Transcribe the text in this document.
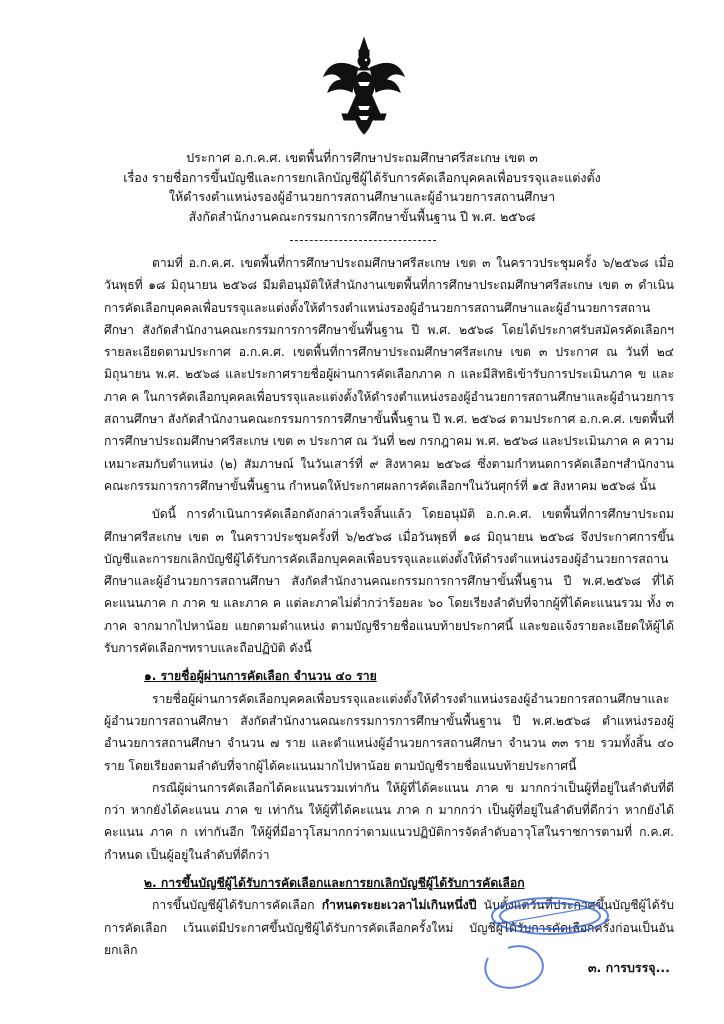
ประกาศ อ.ก.ค.ศ. เขตพื้นที่การศึกษาประถมศึกษาศรีสะเกษ เขต ๓
เรื่อง รายชื่อการขึ้นบัญชีและการยกเลิกบัญชีผู้ได้รับการคัดเลือกบุคคลเพื่อบรรจุและแต่งตั้ง
ให้ดำรงตำแหน่งรองผู้อำนวยการสถานศึกษาและผู้อำนวยการสถานศึกษา
สังกัดสำนักงานคณะกรรมการการศึกษาขั้นพื้นฐาน ปี พ.ศ. ๒๕๖๘

ตามที่ อ.ก.ค.ศ. เขตพื้นที่การศึกษาประถมศึกษาศรีสะเกษ เขต ๓ ในคราวประชุมครั้ง ๖/๒๕๖๘ เมื่อวันพุธที่ ๑๘ มิถุนายน ๒๕๖๘ มีมติอนุมัติให้สำนักงานเขตพื้นที่การศึกษาประถมศึกษาศรีสะเกษ เขต ๓ ดำเนินการคัดเลือกบุคคลเพื่อบรรจุและแต่งตั้งให้ดำรงตำแหน่งรองผู้อำนวยการสถานศึกษาและผู้อำนวยการสถานศึกษา สังกัดสำนักงานคณะกรรมการการศึกษาขั้นพื้นฐาน ปี พ.ศ. ๒๕๖๘ โดยได้ประกาศรับสมัครคัดเลือกฯ รายละเอียดตามประกาศ อ.ก.ค.ศ. เขตพื้นที่การศึกษาประถมศึกษาศรีสะเกษ เขต ๓ ประกาศ ณ วันที่ ๒๔ มิถุนายน พ.ศ. ๒๕๖๘ และประกาศรายชื่อผู้ผ่านการคัดเลือกภาค ก และมีสิทธิเข้ารับการประเมินภาค ข และภาค ค ในการคัดเลือกบุคคลเพื่อบรรจุและแต่งตั้งให้ดำรงตำแหน่งรองผู้อำนวยการสถานศึกษาและผู้อำนวยการสถานศึกษา สังกัดสำนักงานคณะกรรมการการศึกษาขั้นพื้นฐาน ปี พ.ศ. ๒๕๖๘ ตามประกาศ อ.ก.ค.ศ. เขตพื้นที่การศึกษาประถมศึกษาศรีสะเกษ เขต ๓ ประกาศ ณ วันที่ ๒๗ กรกฎาคม พ.ศ. ๒๕๖๘ และประเมินภาค ค ความเหมาะสมกับตำแหน่ง (๒) สัมภาษณ์ ในวันเสาร์ที่ ๙ สิงหาคม ๒๕๖๘ ซึ่งตามกำหนดการคัดเลือกฯสำนักงานคณะกรรมการการศึกษาขั้นพื้นฐาน กำหนดให้ประกาศผลการคัดเลือกฯในวันศุกร์ที่ ๑๕ สิงหาคม ๒๕๖๘ นั้น

บัดนี้ การดำเนินการคัดเลือกดังกล่าวเสร็จสิ้นแล้ว โดยอนุมัติ อ.ก.ค.ศ. เขตพื้นที่การศึกษาประถมศึกษาศรีสะเกษ เขต ๓ ในคราวประชุมครั้งที่ ๖/๒๕๖๘ เมื่อวันพุธที่ ๑๘ มิถุนายน ๒๕๖๘ จึงประกาศการขึ้นบัญชีและการยกเลิกบัญชีผู้ได้รับการคัดเลือกบุคคลเพื่อบรรจุและแต่งตั้งให้ดำรงตำแหน่งรองผู้อำนวยการสถานศึกษาและผู้อำนวยการสถานศึกษา สังกัดสำนักงานคณะกรรมการการศึกษาขั้นพื้นฐาน ปี พ.ศ.๒๕๖๘ ที่ได้คะแนนภาค ก ภาค ข และภาค ค แต่ละภาคไม่ต่ำกว่าร้อยละ ๖๐ โดยเรียงลำดับที่จากผู้ที่ได้คะแนนรวม ทั้ง ๓ ภาค จากมากไปหาน้อย แยกตามตำแหน่ง ตามบัญชีรายชื่อแนบท้ายประกาศนี้ และขอแจ้งรายละเอียดให้ผู้ได้รับการคัดเลือกฯทราบและถือปฏิบัติ ดังนี้

๑. รายชื่อผู้ผ่านการคัดเลือก จำนวน ๔๐ ราย

รายชื่อผู้ผ่านการคัดเลือกบุคคลเพื่อบรรจุและแต่งตั้งให้ดำรงตำแหน่งรองผู้อำนวยการสถานศึกษาและผู้อำนวยการสถานศึกษา สังกัดสำนักงานคณะกรรมการการศึกษาขั้นพื้นฐาน ปี พ.ศ.๒๕๖๘ ตำแหน่งรองผู้อำนวยการสถานศึกษา จำนวน ๗ ราย และตำแหน่งผู้อำนวยการสถานศึกษา จำนวน ๓๓ ราย รวมทั้งสิ้น ๔๐ ราย โดยเรียงตามลำดับที่จากผู้ได้คะแนนมากไปหาน้อย ตามบัญชีรายชื่อแนบท้ายประกาศนี้

กรณีผู้ผ่านการคัดเลือกได้คะแนนรวมเท่ากัน ให้ผู้ที่ได้คะแนน ภาค ข มากกว่าเป็นผู้ที่อยู่ในลำดับที่ดีกว่า หากยังได้คะแนน ภาค ข เท่ากัน ให้ผู้ที่ได้คะแนน ภาค ก มากกว่า เป็นผู้ที่อยู่ในลำดับที่ดีกว่า หากยังได้คะแนน ภาค ก เท่ากันอีก ให้ผู้ที่มีอาวุโสมากกว่าตามแนวปฏิบัติการจัดลำดับอาวุโสในราชการตามที่ ก.ค.ศ. กำหนด เป็นผู้อยู่ในลำดับที่ดีกว่า

๒. การขึ้นบัญชีผู้ได้รับการคัดเลือกและการยกเลิกบัญชีผู้ได้รับการคัดเลือก

การขึ้นบัญชีผู้ได้รับการคัดเลือก กำหนดระยะเวลาไม่เกินหนึ่งปี นับตั้งแต่วันที่ประกาศขึ้นบัญชีผู้ได้รับการคัดเลือก เว้นแต่มีประกาศขึ้นบัญชีผู้ได้รับการคัดเลือกครั้งใหม่ บัญชีผู้ได้รับการคัดเลือกครั้งก่อนเป็นอันยกเลิก

๓. การบรรจุ...
